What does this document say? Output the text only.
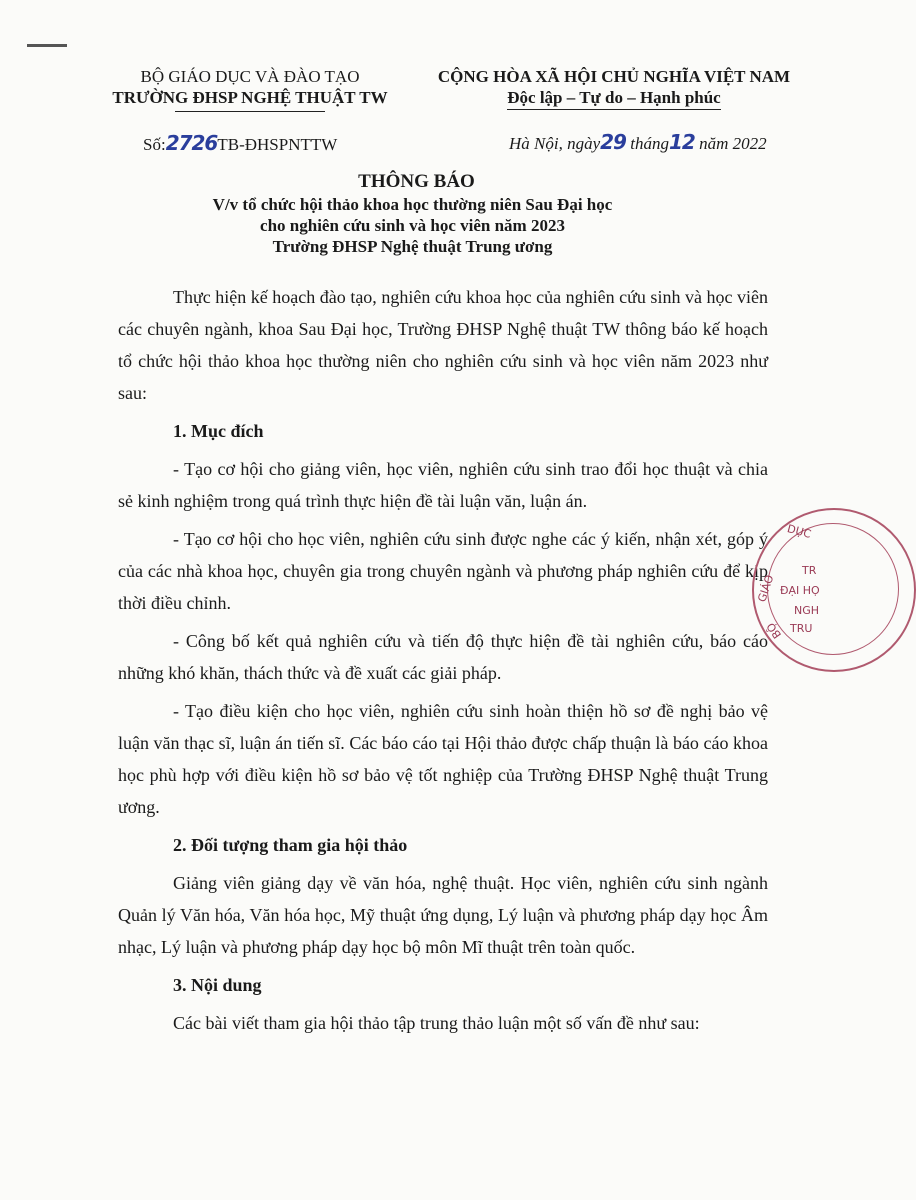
BỘ GIÁO DỤC VÀ ĐÀO TẠO
TRƯỜNG ĐHSP NGHỆ THUẬT TW
CỘNG HÒA XÃ HỘI CHỦ NGHĨA VIỆT NAM
Độc lập – Tự do – Hạnh phúc
Số:2726TB-ĐHSPNTTW	Hà Nội, ngày29 tháng12 năm 2022
THÔNG BÁO
V/v tổ chức hội thảo khoa học thường niên Sau Đại học
cho nghiên cứu sinh và học viên năm 2023
Trường ĐHSP Nghệ thuật Trung ương

Thực hiện kế hoạch đào tạo, nghiên cứu khoa học của nghiên cứu sinh và học viên các chuyên ngành, khoa Sau Đại học, Trường ĐHSP Nghệ thuật TW thông báo kế hoạch tổ chức hội thảo khoa học thường niên cho nghiên cứu sinh và học viên năm 2023 như sau:

1. Mục đích

- Tạo cơ hội cho giảng viên, học viên, nghiên cứu sinh trao đổi học thuật và chia sẻ kinh nghiệm trong quá trình thực hiện đề tài luận văn, luận án.

- Tạo cơ hội cho học viên, nghiên cứu sinh được nghe các ý kiến, nhận xét, góp ý của các nhà khoa học, chuyên gia trong chuyên ngành và phương pháp nghiên cứu để kịp thời điều chỉnh.

- Công bố kết quả nghiên cứu và tiến độ thực hiện đề tài nghiên cứu, báo cáo những khó khăn, thách thức và đề xuất các giải pháp.

- Tạo điều kiện cho học viên, nghiên cứu sinh hoàn thiện hồ sơ đề nghị bảo vệ luận văn thạc sĩ, luận án tiến sĩ. Các báo cáo tại Hội thảo được chấp thuận là báo cáo khoa học phù hợp với điều kiện hồ sơ bảo vệ tốt nghiệp của Trường ĐHSP Nghệ thuật Trung ương.

2. Đối tượng tham gia hội thảo

Giảng viên giảng dạy về văn hóa, nghệ thuật. Học viên, nghiên cứu sinh ngành Quản lý Văn hóa, Văn hóa học, Mỹ thuật ứng dụng, Lý luận và phương pháp dạy học Âm nhạc, Lý luận và phương pháp dạy học bộ môn Mĩ thuật trên toàn quốc.

3. Nội dung

Các bài viết tham gia hội thảo tập trung thảo luận một số vấn đề như sau:

DỤC
GIÁO
BỘ
TR
ĐẠI HỌ
NGH
TRU
